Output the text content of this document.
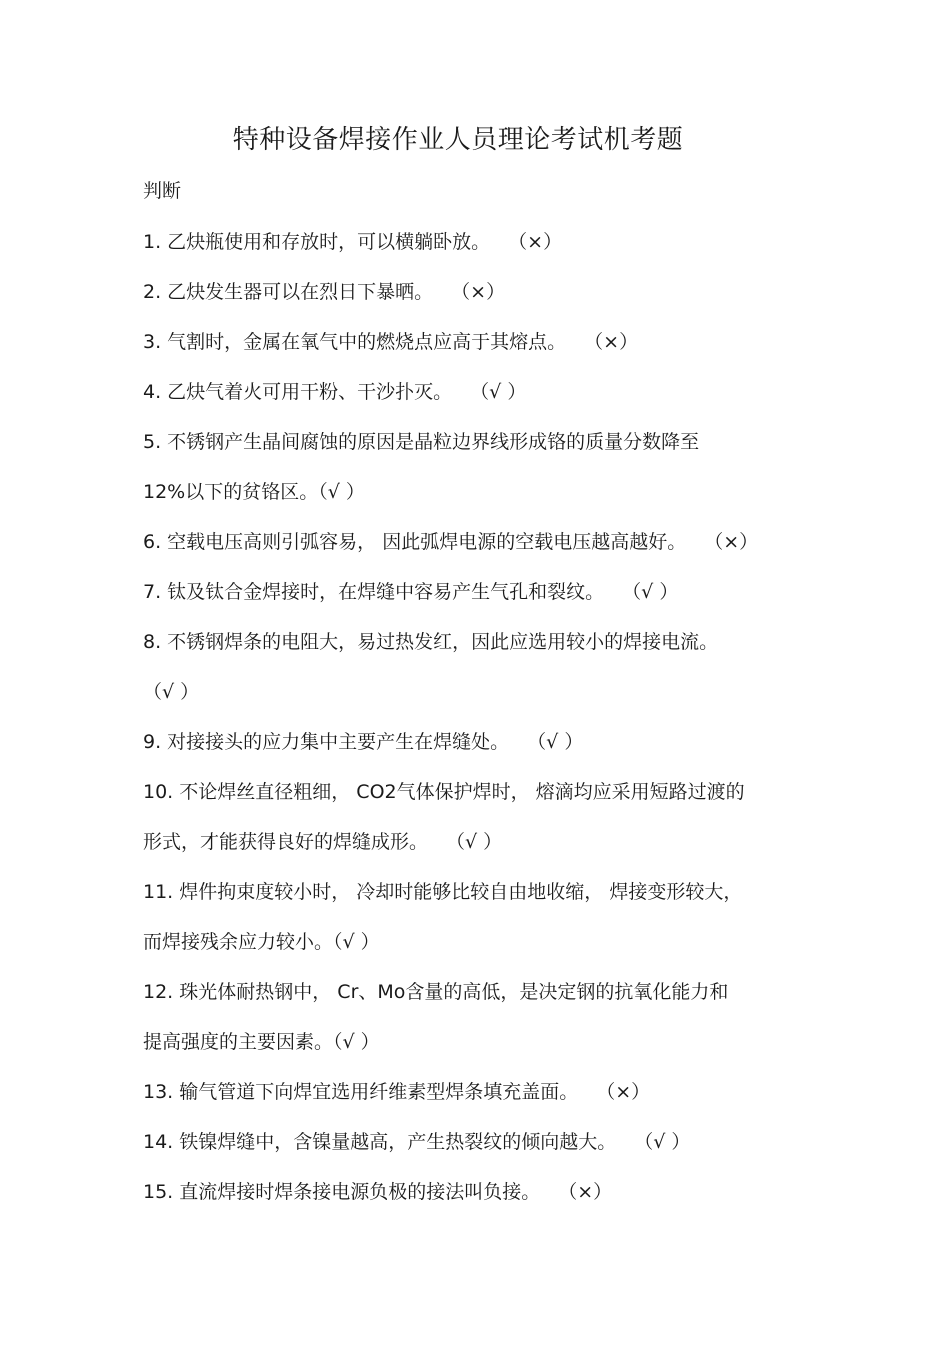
特种设备焊接作业人员理论考试机考题
判断
1. 乙炔瓶使用和存放时，可以横躺卧放。 （×）
2. 乙炔发生器可以在烈日下暴晒。 （×）
3. 气割时，金属在氧气中的燃烧点应高于其熔点。 （×）
4. 乙炔气着火可用干粉、干沙扑灭。 （√ ）
5. 不锈钢产生晶间腐蚀的原因是晶粒边界线形成铬的质量分数降至
12%以下的贫铬区。（√ ）
6. 空载电压高则引弧容易， 因此弧焊电源的空载电压越高越好。 （×）
7. 钛及钛合金焊接时，在焊缝中容易产生气孔和裂纹。 （√ ）
8. 不锈钢焊条的电阻大，易过热发红，因此应选用较小的焊接电流。
（√ ）
9. 对接接头的应力集中主要产生在焊缝处。 （√ ）
10. 不论焊丝直径粗细， CO2气体保护焊时， 熔滴均应采用短路过渡的
形式，才能获得良好的焊缝成形。 （√ ）
11. 焊件拘束度较小时， 冷却时能够比较自由地收缩， 焊接变形较大，
而焊接残余应力较小。（√ ）
12. 珠光体耐热钢中， Cr、Mo含量的高低，是决定钢的抗氧化能力和
提高强度的主要因素。（√ ）
13. 输气管道下向焊宜选用纤维素型焊条填充盖面。 （×）
14. 铁镍焊缝中，含镍量越高，产生热裂纹的倾向越大。 （√ ）
15. 直流焊接时焊条接电源负极的接法叫负接。 （×）
